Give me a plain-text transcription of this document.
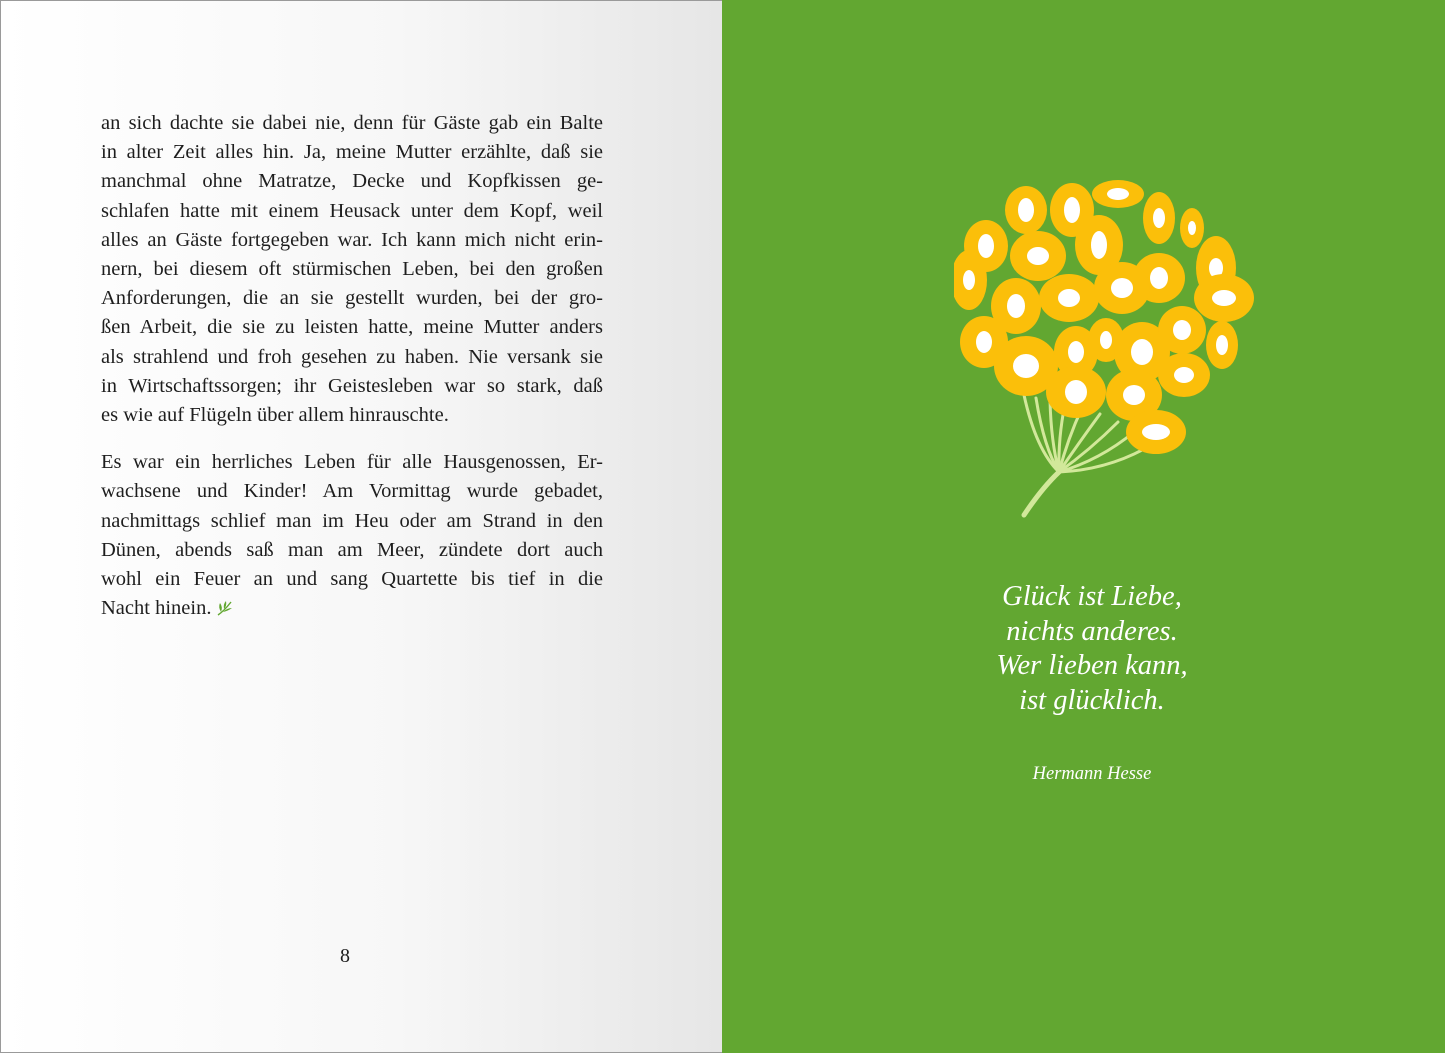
an sich dachte sie dabei nie, denn für Gäste gab ein Balte
in alter Zeit alles hin. Ja, meine Mutter erzählte, daß sie
manchmal ohne Matratze, Decke und Kopfkissen ge-
schlafen hatte mit einem Heusack unter dem Kopf, weil
alles an Gäste fortgegeben war. Ich kann mich nicht erin-
nern, bei diesem oft stürmischen Leben, bei den großen
Anforderungen, die an sie gestellt wurden, bei der gro-
ßen Arbeit, die sie zu leisten hatte, meine Mutter anders
als strahlend und froh gesehen zu haben. Nie versank sie
in Wirtschaftssorgen; ihr Geistesleben war so stark, daß
es wie auf Flügeln über allem hinrauschte.
Es war ein herrliches Leben für alle Hausgenossen, Er-
wachsene und Kinder! Am Vormittag wurde gebadet,
nachmittags schlief man im Heu oder am Strand in den
Dünen, abends saß man am Meer, zündete dort auch
wohl ein Feuer an und sang Quartette bis tief in die
Nacht hinein.
8
Glück ist Liebe,
nichts anderes.
Wer lieben kann,
ist glücklich.
Hermann Hesse
